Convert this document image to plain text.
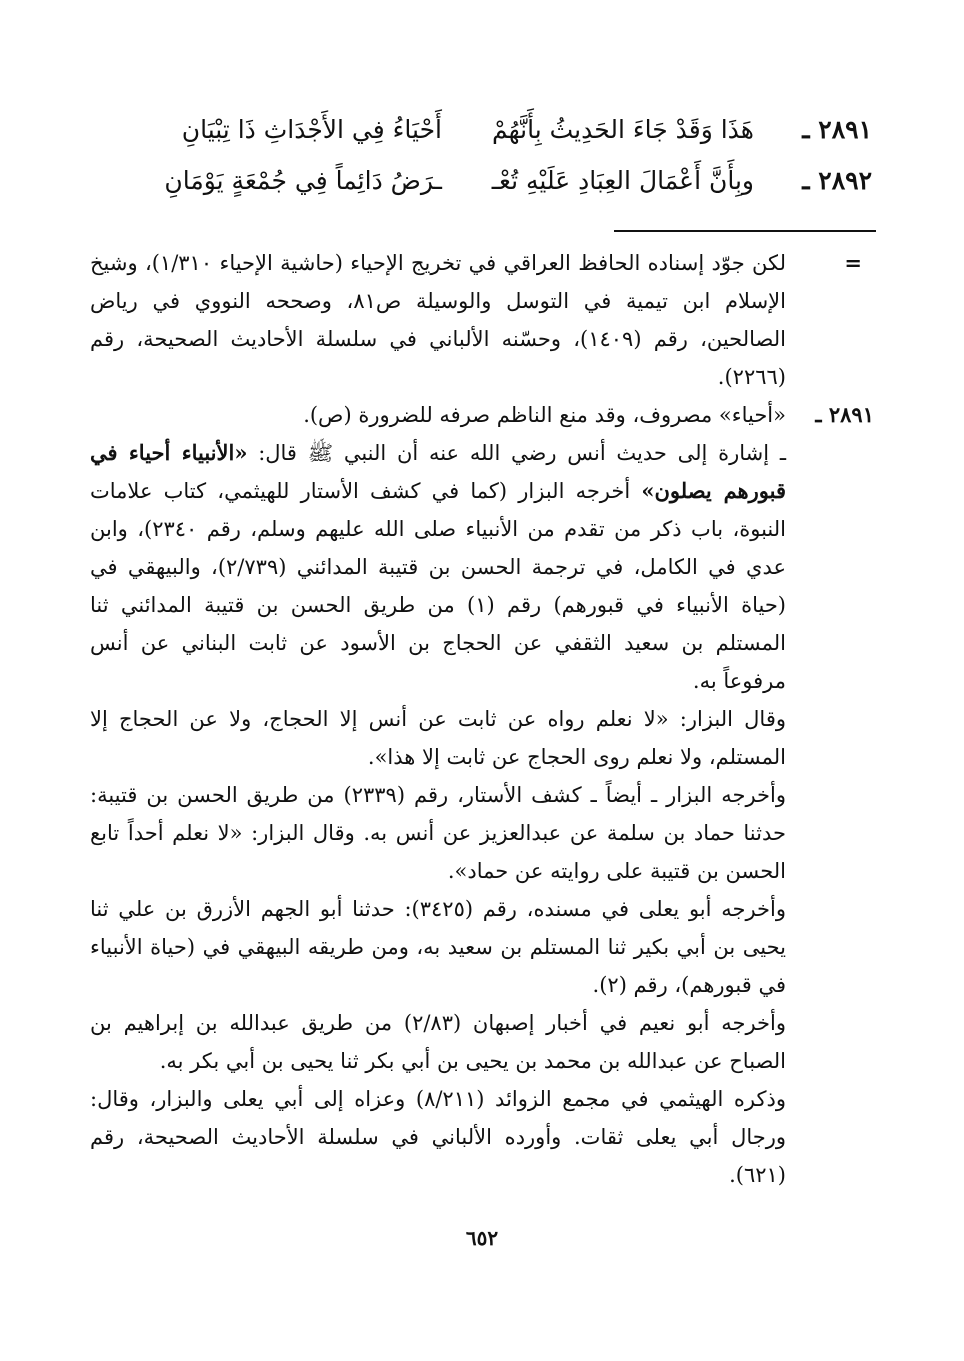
٢٨٩١ ـ
هَذَا وَقَدْ جَاءَ الحَدِيثُ بِأَنَّهُمْ
أَحْيَاءُ فِي الأَجْدَاثِ ذَا تِبْيَانِ
٢٨٩٢ ـ
وبِأَنَّ أَعْمَالَ العِبَادِ عَلَيْهِ تُعْـ
ـرَضُ دَائِماً فِي جُمْعَةٍ يَوْمَانِ
=
لكن جوّد إسناده الحافظ العراقي في تخريج الإحياء (حاشية الإحياء ١/٣١٠)، وشيخ الإسلام ابن تيمية في التوسل والوسيلة ص٨١، وصححه النووي في رياض الصالحين، رقم (١٤٠٩)، وحسّنه الألباني في سلسلة الأحاديث الصحيحة، رقم (٢٢٦٦).
٢٨٩١ ـ
«أحياء» مصروف، وقد منع الناظم صرفه للضرورة (ص).
ـ إشارة إلى حديث أنس رضي الله عنه أن النبي ﷺ قال: «الأنبياء أحياء في قبورهم يصلون» أخرجه البزار (كما في كشف الأستار للهيثمي، كتاب علامات النبوة، باب ذكر من تقدم من الأنبياء صلى الله عليهم وسلم، رقم ٢٣٤٠)، وابن عدي في الكامل، في ترجمة الحسن بن قتيبة المدائني (٢/٧٣٩)، والبيهقي في (حياة الأنبياء في قبورهم) رقم (١) من طريق الحسن بن قتيبة المدائني ثنا المستلم بن سعيد الثقفي عن الحجاج بن الأسود عن ثابت البناني عن أنس مرفوعاً به.
وقال البزار: «لا نعلم رواه عن ثابت عن أنس إلا الحجاج، ولا عن الحجاج إلا المستلم، ولا نعلم روى الحجاج عن ثابت إلا هذا».
وأخرجه البزار ـ أيضاً ـ كشف الأستار، رقم (٢٣٣٩) من طريق الحسن بن قتيبة: حدثنا حماد بن سلمة عن عبدالعزيز عن أنس به. وقال البزار: «لا نعلم أحداً تابع الحسن بن قتيبة على روايته عن حماد».
وأخرجه أبو يعلى في مسنده، رقم (٣٤٢٥): حدثنا أبو الجهم الأزرق بن علي ثنا يحيى بن أبي بكير ثنا المستلم بن سعيد به، ومن طريقه البيهقي في (حياة الأنبياء في قبورهم)، رقم (٢).
وأخرجه أبو نعيم في أخبار إصبهان (٢/٨٣) من طريق عبدالله بن إبراهيم بن الصباح عن عبدالله بن محمد بن يحيى بن أبي بكر ثنا يحيى بن أبي بكر به.
وذكره الهيثمي في مجمع الزوائد (٨/٢١١) وعزاه إلى أبي يعلى والبزار، وقال: ورجال أبي يعلى ثقات. وأورده الألباني في سلسلة الأحاديث الصحيحة، رقم (٦٢١).
٦٥٢
